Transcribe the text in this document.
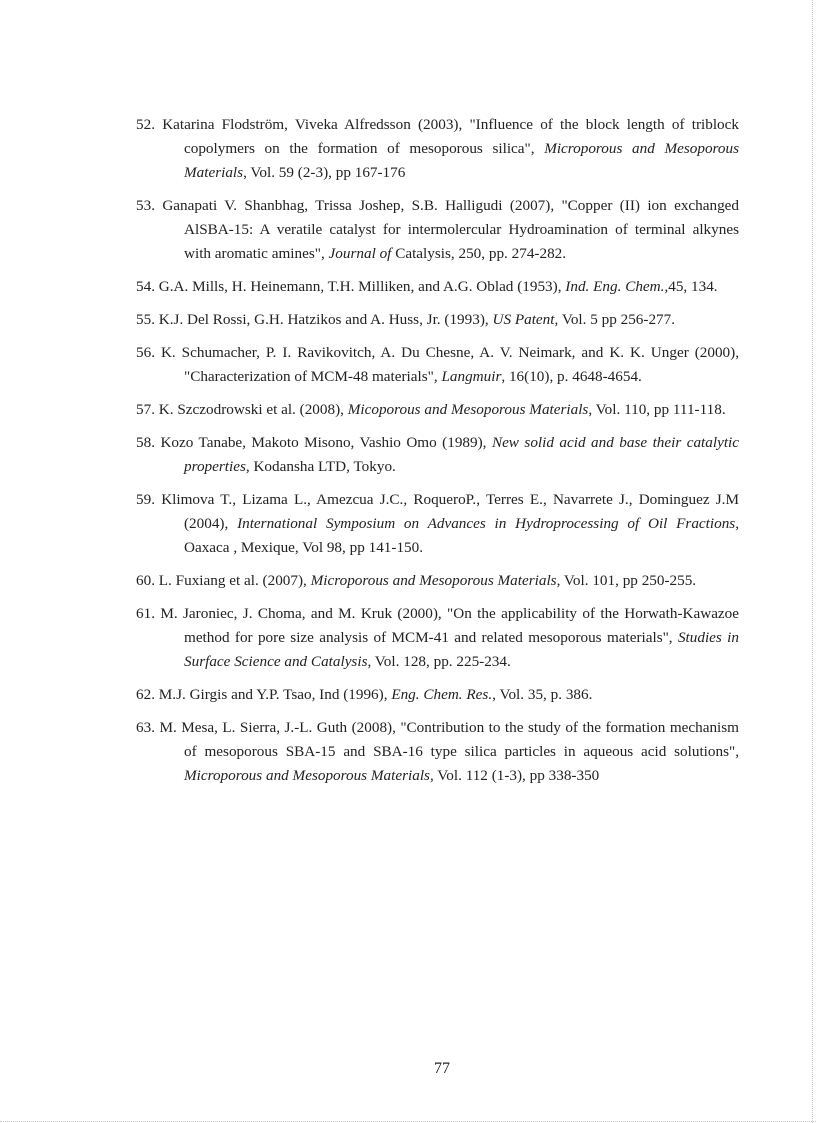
52. Katarina Flodström, Viveka Alfredsson (2003), "Influence of the block length of triblock copolymers on the formation of mesoporous silica", Microporous and Mesoporous Materials, Vol. 59 (2-3), pp 167-176

53. Ganapati V. Shanbhag, Trissa Joshep, S.B. Halligudi (2007), "Copper (II) ion exchanged AlSBA-15: A veratile catalyst for intermolercular Hydroamination of terminal alkynes with aromatic amines", Journal of Catalysis, 250, pp. 274-282.

54. G.A. Mills, H. Heinemann, T.H. Milliken, and A.G. Oblad (1953), Ind. Eng. Chem.,45, 134.

55. K.J. Del Rossi, G.H. Hatzikos and A. Huss, Jr. (1993), US Patent, Vol. 5 pp 256-277.

56. K. Schumacher, P. I. Ravikovitch, A. Du Chesne, A. V. Neimark, and K. K. Unger (2000), "Characterization of MCM-48 materials", Langmuir, 16(10), p. 4648-4654.

57. K. Szczodrowski et al. (2008), Micoporous and Mesoporous Materials, Vol. 110, pp 111-118.

58. Kozo Tanabe, Makoto Misono, Vashio Omo (1989), New solid acid and base their catalytic properties, Kodansha LTD, Tokyo.

59. Klimova T., Lizama L., Amezcua J.C., RoqueroP., Terres E., Navarrete J., Dominguez J.M (2004), International Symposium on Advances in Hydroprocessing of Oil Fractions, Oaxaca , Mexique, Vol 98, pp 141-150.

60. L. Fuxiang et al. (2007), Microporous and Mesoporous Materials, Vol. 101, pp 250-255.

61. M. Jaroniec, J. Choma, and M. Kruk (2000), "On the applicability of the Horwath-Kawazoe method for pore size analysis of MCM-41 and related mesoporous materials", Studies in Surface Science and Catalysis, Vol. 128, pp. 225-234.

62. M.J. Girgis and Y.P. Tsao, Ind (1996), Eng. Chem. Res., Vol. 35, p. 386.

63. M. Mesa, L. Sierra, J.-L. Guth (2008), "Contribution to the study of the formation mechanism of mesoporous SBA-15 and SBA-16 type silica particles in aqueous acid solutions", Microporous and Mesoporous Materials, Vol. 112 (1-3), pp 338-350

77
